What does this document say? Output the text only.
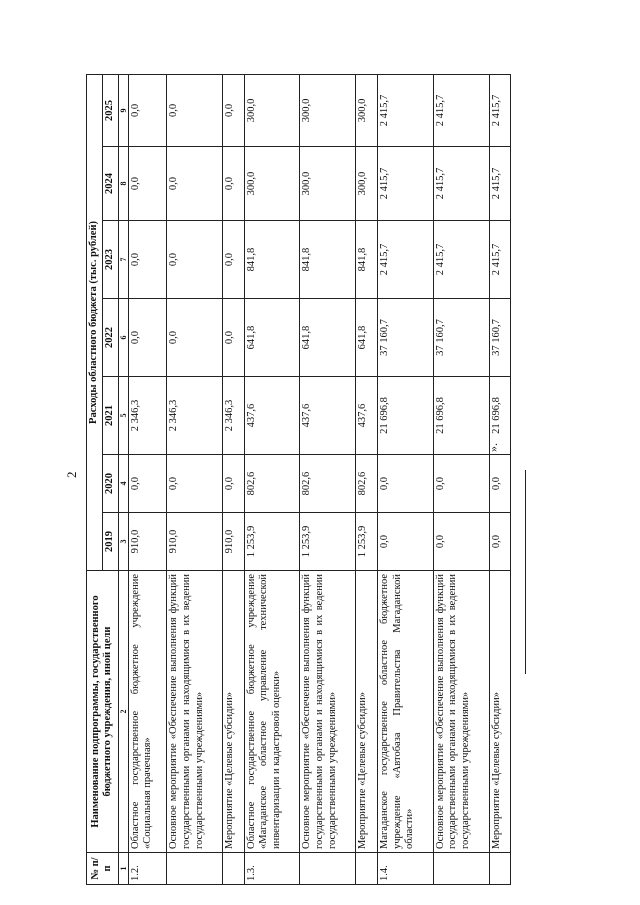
2
№ п/п	Наименование подпрограммы, государственного бюджетного учреждения, иной цели	Расходы областного бюджета (тыс. рублей)						
		2019	2020	2021	2022	2023	2024	2025
1	2	3	4	5	6	7	8	9
1.2.	Областное государственное бюджетное учреждение «Социальная прачечная»	910,0	0,0	2 346,3	0,0	0,0	0,0	0,0
	Основное мероприятие «Обеспечение выполнения функций государственными органами и находящимися в их ведении государственными учреждениями»	910,0	0,0	2 346,3	0,0	0,0	0,0	0,0
	Мероприятие «Целевые субсидии»	910,0	0,0	2 346,3	0,0	0,0	0,0	0,0
1.3.	Областное государственное бюджетное учреждение «Магаданское областное управление технической инвентаризации и кадастровой оценки»	1 253,9	802,6	437,6	641,8	841,8	300,0	300,0
	Основное мероприятие «Обеспечение выполнения функций государственными органами и находящимися в их ведении государственными учреждениями»	1 253,9	802,6	437,6	641,8	841,8	300,0	300,0
	Мероприятие «Целевые субсидии»	1 253,9	802,6	437,6	641,8	841,8	300,0	300,0
1.4.	Магаданское государственное областное бюджетное учреждение «Автобаза Правительства Магаданской области»	0,0	0,0	21 696,8	37 160,7	2 415,7	2 415,7	2 415,7
	Основное мероприятие «Обеспечение выполнения функций государственными органами и находящимися в их ведении государственными учреждениями»	0,0	0,0	21 696,8	37 160,7	2 415,7	2 415,7	2 415,7
	Мероприятие «Целевые субсидии»	0,0	0,0	21 696,8	37 160,7	2 415,7	2 415,7	2 415,7
».
